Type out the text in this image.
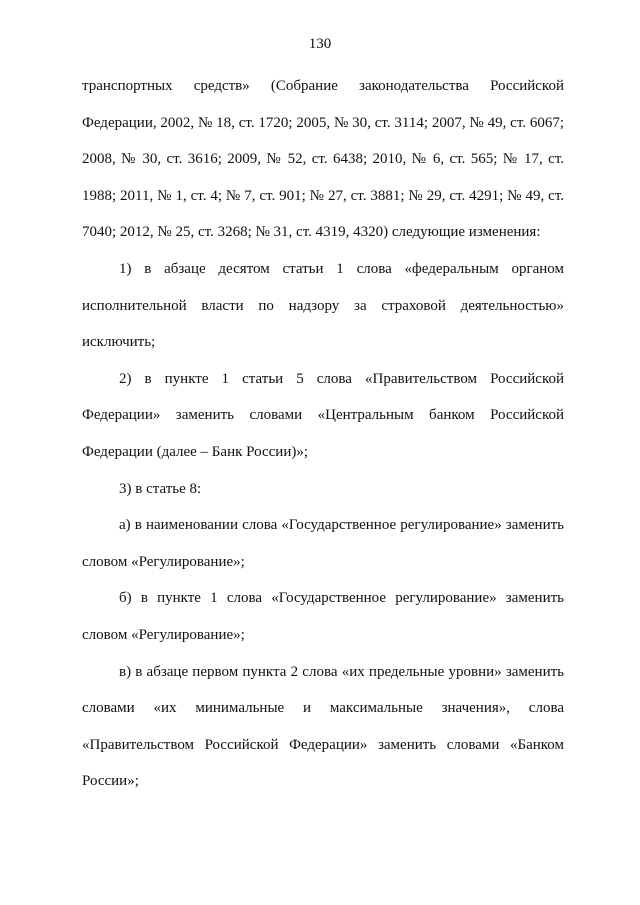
130

транспортных средств» (Собрание законодательства Российской Федерации, 2002, № 18, ст. 1720; 2005, № 30, ст. 3114; 2007, № 49, ст. 6067; 2008, № 30, ст. 3616; 2009, № 52, ст. 6438; 2010, № 6, ст. 565; № 17, ст. 1988; 2011, № 1, ст. 4; № 7, ст. 901; № 27, ст. 3881; № 29, ст. 4291; № 49, ст. 7040; 2012, № 25, ст. 3268; № 31, ст. 4319, 4320) следующие изменения:

1) в абзаце десятом статьи 1 слова «федеральным органом исполнительной власти по надзору за страховой деятельностью» исключить;

2) в пункте 1 статьи 5 слова «Правительством Российской Федерации» заменить словами «Центральным банком Российской Федерации (далее – Банк России)»;

3) в статье 8:

а) в наименовании слова «Государственное регулирование» заменить словом «Регулирование»;

б) в пункте 1 слова «Государственное регулирование» заменить словом «Регулирование»;

в) в абзаце первом пункта 2 слова «их предельные уровни» заменить словами «их минимальные и максимальные значения», слова «Правительством Российской Федерации» заменить словами «Банком России»;
